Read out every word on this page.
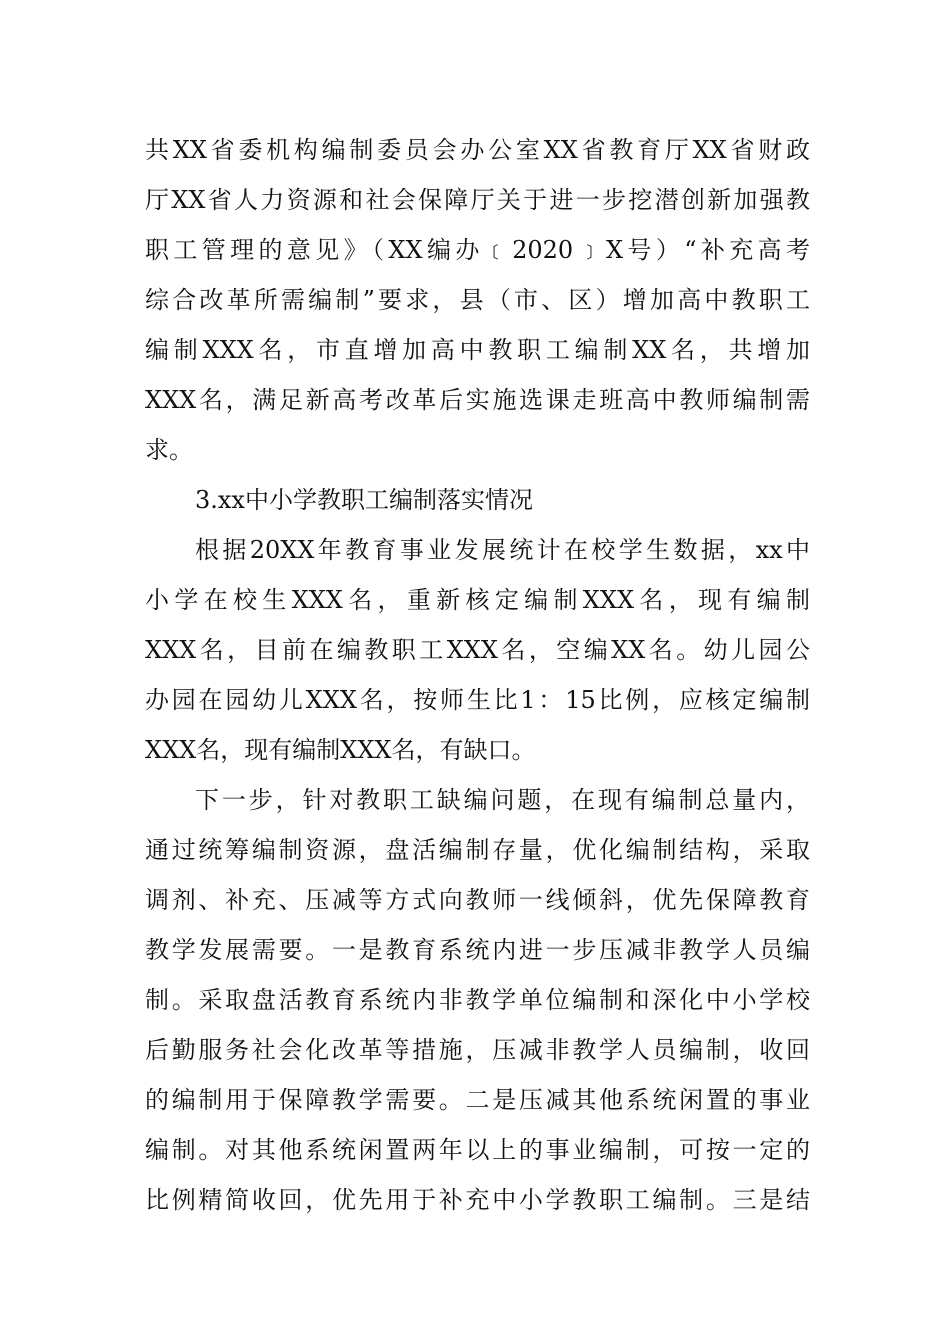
共XX省委机构编制委员会办公室XX省教育厅XX省财政
厅XX省人力资源和社会保障厅关于进一步挖潜创新加强教
职工管理的意见》（XX编办﹝2020﹞X号）“补充高考
综合改革所需编制”要求，县（市、区）增加高中教职工
编制XXX名，市直增加高中教职工编制XX名，共增加
XXX名，满足新高考改革后实施选课走班高中教师编制需
求。
3.xx中小学教职工编制落实情况
根据20XX年教育事业发展统计在校学生数据，xx中
小学在校生XXX名，重新核定编制XXX名，现有编制
XXX名，目前在编教职工XXX名，空编XX名。幼儿园公
办园在园幼儿XXX名，按师生比1：15比例，应核定编制
XXX名，现有编制XXX名，有缺口。
下一步，针对教职工缺编问题，在现有编制总量内，
通过统筹编制资源，盘活编制存量，优化编制结构，采取
调剂、补充、压减等方式向教师一线倾斜，优先保障教育
教学发展需要。一是教育系统内进一步压减非教学人员编
制。采取盘活教育系统内非教学单位编制和深化中小学校
后勤服务社会化改革等措施，压减非教学人员编制，收回
的编制用于保障教学需要。二是压减其他系统闲置的事业
编制。对其他系统闲置两年以上的事业编制，可按一定的
比例精简收回，优先用于补充中小学教职工编制。三是结
